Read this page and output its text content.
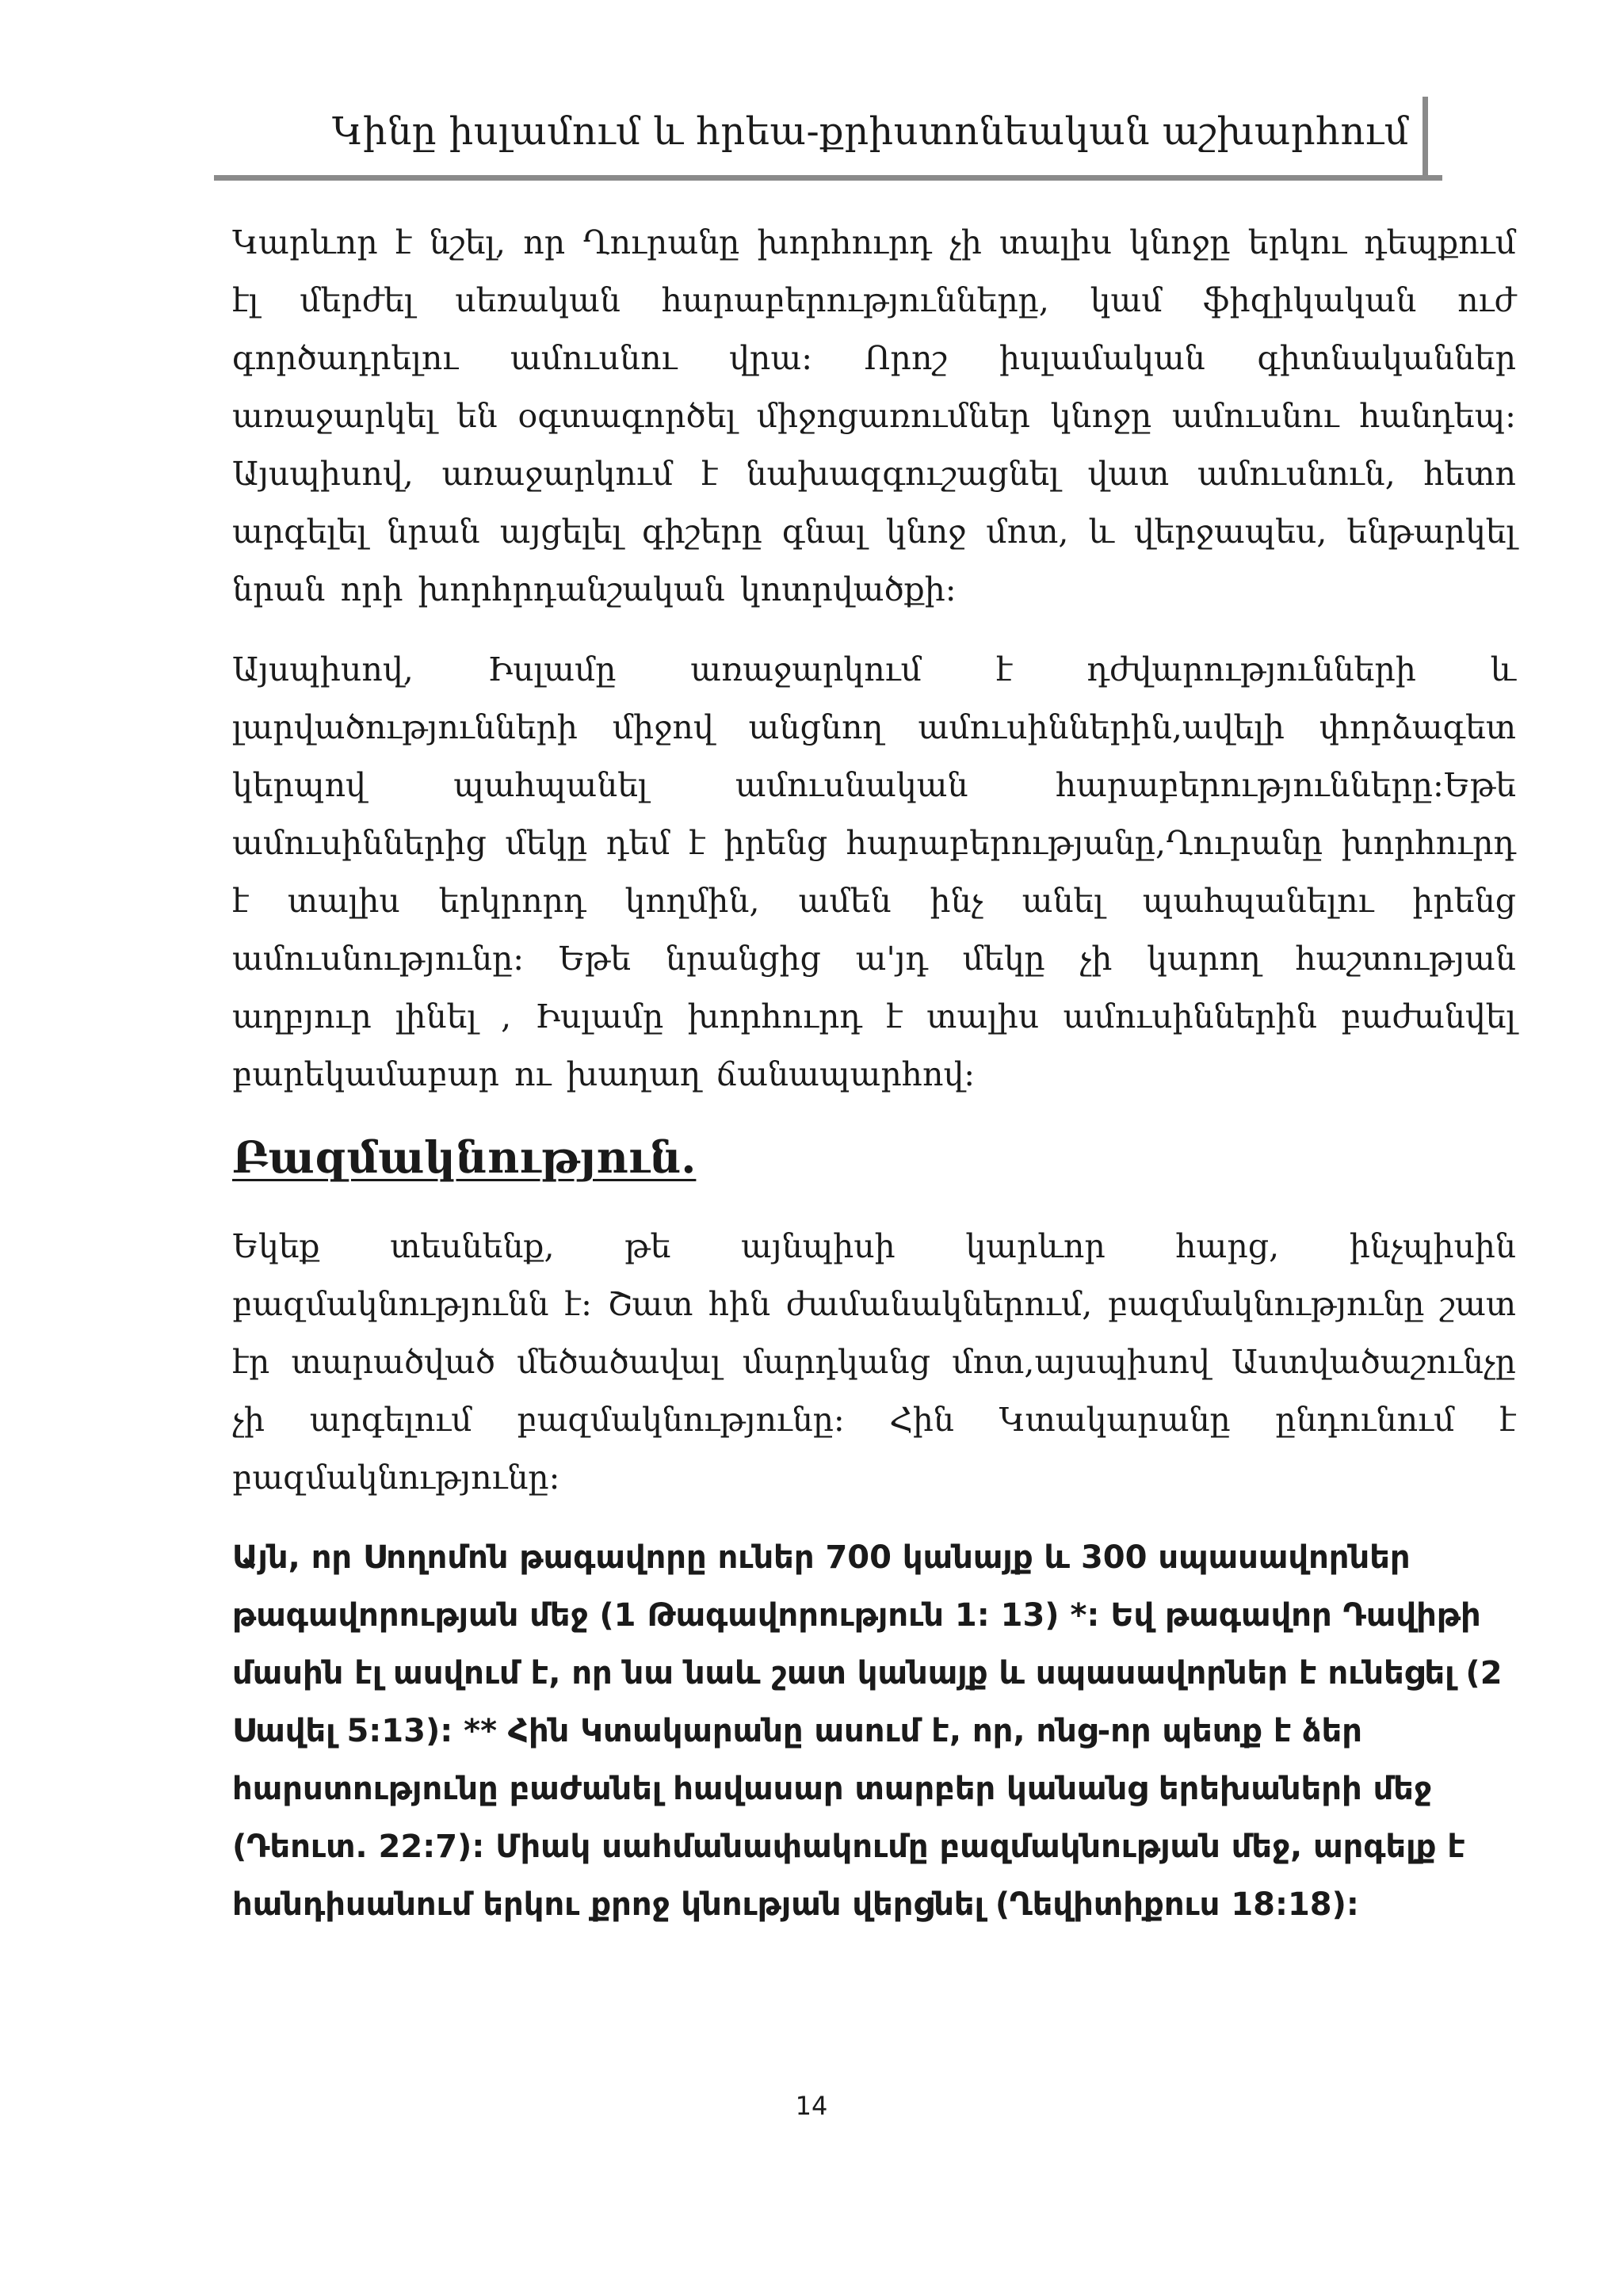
Կինը իսլամում և հրեա-քրիստոնեական աշխարհում

Կարևոր է նշել, որ Ղուրանը խորհուրդ չի տալիս կնոջը երկու դեպքում էլ մերժել սեռական հարաբերությունները, կամ ֆիզիկական ուժ գործադրելու ամուսնու վրա: Որոշ իսլամական գիտնականներ առաջարկել են օգտագործել միջոցառումներ կնոջը ամուսնու հանդեպ: Այսպիսով, առաջարկում է նախազգուշացնել վատ ամուսնուն, հետո արգելել նրան այցելել գիշերը գնալ կնոջ մոտ, և վերջապես, ենթարկել նրան որի խորհրդանշական կոտրվածքի:

Այսպիսով, Իսլամը առաջարկում է դժվարությունների և լարվածությունների միջով անցնող ամուսիններին,ավելի փորձագետ կերպով պահպանել ամուսնական հարաբերությունները:Եթե ամուսիններից մեկը դեմ է իրենց հարաբերությանը,Ղուրանը խորհուրդ է տալիս երկրորդ կողմին, ամեն ինչ անել պահպանելու իրենց ամուսնությունը: Եթե նրանցից ա'յդ մեկը չի կարող հաշտության աղբյուր լինել , Իսլամը խորհուրդ է տալիս ամուսիններին բաժանվել բարեկամաբար ու խաղաղ ճանապարհով:

Բազմակնություն.

Եկեք տեսնենք, թե այնպիսի կարևոր հարց, ինչպիսին բազմակնությունն է: Շատ հին ժամանակներում, բազմակնությունը շատ էր տարածված մեծածավալ մարդկանց մոտ,այսպիսով Աստվածաշունչը չի արգելում բազմակնությունը: Հին Կտակարանը ընդունում է բազմակնությունը:

Այն, որ Սողոմոն թագավորը ուներ 700 կանայք և 300 սպասավորներ թագավորության մեջ (1 Թագավորություն 1: 13) *: Եվ թագավոր Դավիթի մասին էլ ասվում է, որ նա նաև շատ կանայք և սպասավորներ է ունեցել (2 Սավել 5:13): ** Հին Կտակարանը ասում է, որ, ոնց-որ պետք է ձեր հարստությունը բաժանել հավասար տարբեր կանանց երեխաների մեջ (Դեուտ. 22:7): Միակ սահմանափակումը բազմակնության մեջ, արգելք է հանդիսանում երկու քրոջ կնության վերցնել (Ղեվիտիքուս 18:18):

14
